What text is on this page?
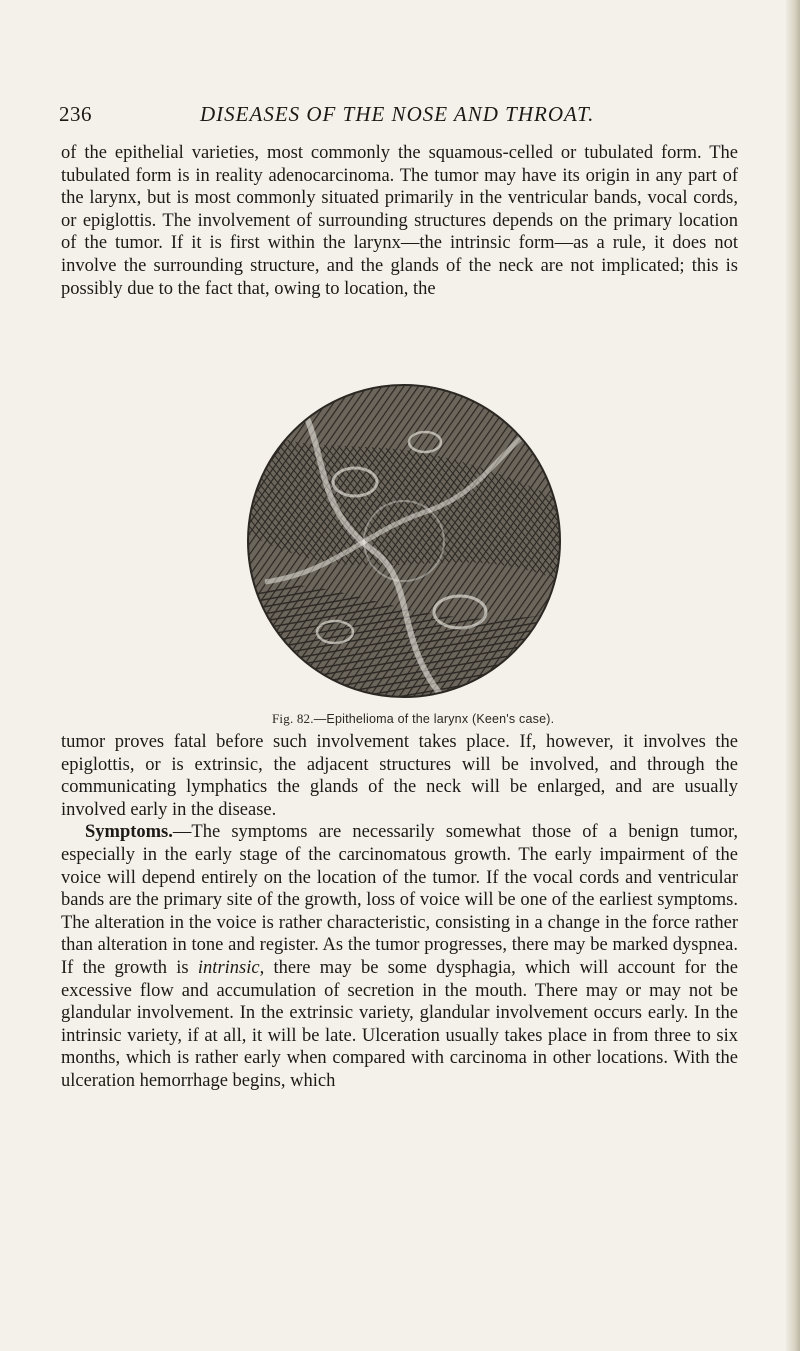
236	DISEASES OF THE NOSE AND THROAT.

of the epithelial varieties, most commonly the squamous-celled or tubulated form. The tubulated form is in reality adenocarcinoma. The tumor may have its origin in any part of the larynx, but is most commonly situated primarily in the ventricular bands, vocal cords, or epiglottis. The involvement of surrounding structures depends on the primary location of the tumor. If it is first within the larynx—the intrinsic form—as a rule, it does not involve the surrounding structure, and the glands of the neck are not implicated; this is possibly due to the fact that, owing to location, the

Fig. 82.—Epithelioma of the larynx (Keen's case).

tumor proves fatal before such involvement takes place. If, however, it involves the epiglottis, or is extrinsic, the adjacent structures will be involved, and through the communicating lymphatics the glands of the neck will be enlarged, and are usually involved early in the disease.

Symptoms.—The symptoms are necessarily somewhat those of a benign tumor, especially in the early stage of the carcinomatous growth. The early impairment of the voice will depend entirely on the location of the tumor. If the vocal cords and ventricular bands are the primary site of the growth, loss of voice will be one of the earliest symptoms. The alteration in the voice is rather characteristic, consisting in a change in the force rather than alteration in tone and register. As the tumor progresses, there may be marked dyspnea. If the growth is intrinsic, there may be some dysphagia, which will account for the excessive flow and accumulation of secretion in the mouth. There may or may not be glandular involvement. In the extrinsic variety, glandular involvement occurs early. In the intrinsic variety, if at all, it will be late. Ulceration usually takes place in from three to six months, which is rather early when compared with carcinoma in other locations. With the ulceration hemorrhage begins, which
